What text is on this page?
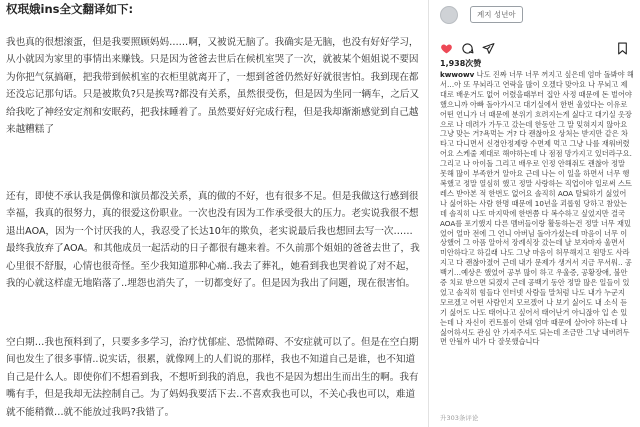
权珉娥ins全文翻译如下:

我也真的很想滚蛋，但是我要照顾妈妈……啊，又被说无脑了。我确实是无脑，也没有好好学习，从小就因为家里的事情出来赚钱。只是因为爸爸去世后在候机室哭了一次，就被某个姐姐说不要因为你把气氛搞砸，把我带到候机室的衣柜里就离开了，一想到爸爸仍然好好就很害怕。我到现在都还没忘记那句话。只是被欺负?只是挨骂?都没有关系，虽然很受伤，但是因为坐同一辆车，之后又给我吃了神经安定剂和安眠药，把我抹睡着了。虽然要好好完成行程，但是我却渐渐感觉到自己越来越糟糕了

还有，即使不承认我是偶像和演员都没关系，真的做的不好，也有很多不足。但是我做这行感到很幸福，我真的很努力，真的很爱这份职业。一次也没有因为工作承受很大的压力。老实说我很不想退出AOA，因为一个讨厌我的人，我忍受了长达10年的欺负，老实说最后我也想回去写一次……最终我放弃了AOA。和其他成员一起活动的日子都很有趣来着。不久前那个姐姐的爸爸去世了，我心里很不舒服，心情也很奇怪。至少我知道那种心痛..我去了葬礼，她看到我也哭着说了对不起，我的心就这样虚无地陷落了..埋怨也消失了，一切都变好了。但是因为我出了问题，现在很害怕。

空白期…我也预料到了，只要多多学习，治疗忧郁症、恐慌障碍、不安症就可以了。但是在空白期间也发生了很多事情..说实话，很累，就像网上的人们说的那样，我也不知道自己是谁，也不知道自己是什么人。即使你们不想看到我，不想听到我的消息，我也不是因为想出生而出生的啊。我有嘴有手，但是我却无法控制自己。为了妈妈我要活下去..不喜欢我也可以，不关心我也可以，难道就不能稍微…就不能放过我吗?我错了。

계지 성년아
1,938次赞
kwwowv 나도 진짜 너무 너무 꺼지고 싶은데 엄마 돌봐야 해서…아 또 무뇌라고 연락을 많이 오겠다 맞아요 나 무뇌고 제대로 배운거도 없어 어렸을때부터 집안 사정 때문에 돈 벌어야 했으니까 아빠 돌아가시고 대기실에서 한번 울었다는 이유로 어떤 언니가 너 때문에 분위기 흐려지는게 싫다고 대기실 옷장으로 나 데려가 가두고 갔는데 한동안 그 말 잊혀지지 않아요 그냥 맞는 거?욕먹는 거? 다 괜찮아요 상처는 받지만 같은 차 타고 다니면서 신경안정제랑 수면제 먹고 그냥 나를 재워버렸어요 스케줄 제대로 해야하는데 나 점점 망가지고 있더라구요. 그리고 나 아이돌 그리고 배우로 인정 안해줘도 괜찮아 정말 못해 많이 부족한거 알아요 근데 나는 이 일을 하면서 너무 행복했고 정말 열심히 했고 정말 사랑하는 직업이야 일로써 스트레스 받아본 적 한번도 없어요 솔직히 AOA 탈퇴하기 싫었어 나 싫어하는 사람 한명 때문에 10년을 괴롭힘 당하고 참았는데 솔직히 나도 마지막에 한번쯤 다 복수하고 싶었지만 결국 AOA를 포기했지 다른 멤버들이랑 활동하는건 정말 너무 재밌었어 얼마 전에 그 언니 아버님 돌아가셨는데 마음이 너무 이상했어 그 아픔 알아서 장례식장 갔는데 날 보자마자 울면서 미안하다고 하길래 나도 그냥 마음이 허무해지고 원망도 사라지고 다 괜찮아졌어 근데 내가 문제가 생겨서 지금 무서워.. 공백기…예상은 했었어 공부 많이 하고 우울증, 공황장애, 불안증 치료 받으면 되겠지 근데 공백기 동안 정말 많은 일들이 있었고 솔직히 힘들다 인터넷 사람들 말처럼 나도 내가 누군지 모르겠고 어떤 사람인지 모르겠어 나 보기 싫어도 내 소식 듣기 싫어도 나도 태어나고 싶어서 태어난거 아니잖아 입 손 있는데 나 자신이 컨트롤이 안돼 엄마 때문에 살아야 하는데 나 싫어하셔도 관심 안 가져주셔도 되는데 조금만 그냥 내버려두면 안될까 내가 다 잘못했습니다
升303条评论
